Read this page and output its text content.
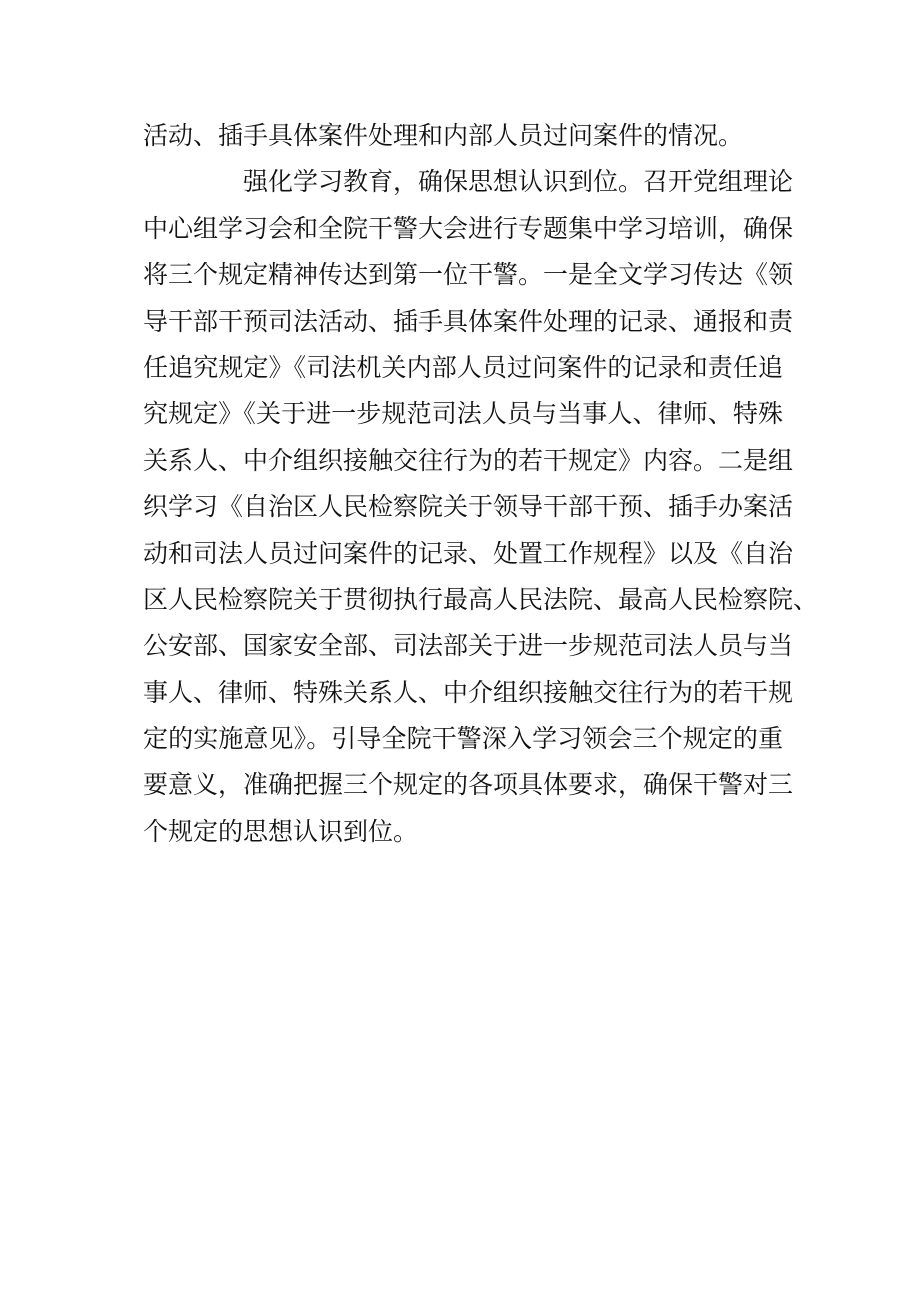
活动、插手具体案件处理和内部人员过问案件的情况。
强化学习教育，确保思想认识到位。召开党组理论
中心组学习会和全院干警大会进行专题集中学习培训，确保
将三个规定精神传达到第一位干警。一是全文学习传达《领
导干部干预司法活动、插手具体案件处理的记录、通报和责
任追究规定》《司法机关内部人员过问案件的记录和责任追
究规定》《关于进一步规范司法人员与当事人、律师、特殊
关系人、中介组织接触交往行为的若干规定》内容。二是组
织学习《自治区人民检察院关于领导干部干预、插手办案活
动和司法人员过问案件的记录、处置工作规程》以及《自治
区人民检察院关于贯彻执行最高人民法院、最高人民检察院、
公安部、国家安全部、司法部关于进一步规范司法人员与当
事人、律师、特殊关系人、中介组织接触交往行为的若干规
定的实施意见》。引导全院干警深入学习领会三个规定的重
要意义，准确把握三个规定的各项具体要求，确保干警对三
个规定的思想认识到位。
